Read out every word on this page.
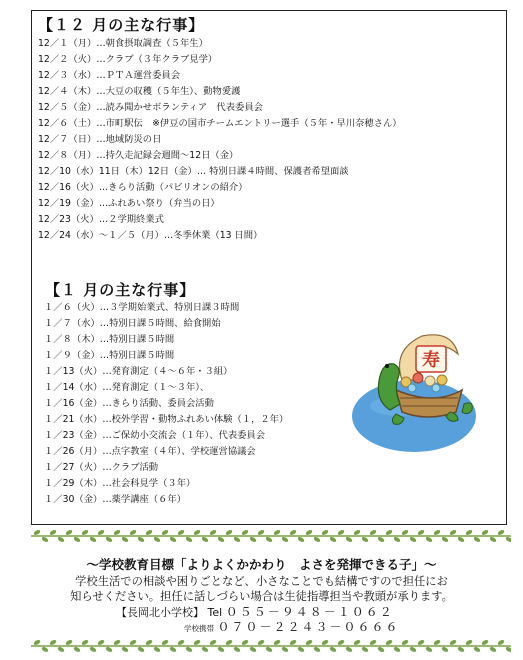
【１２ 月の主な行事】
12／１（月）…朝食摂取調査（５年生）
12／２（火）…クラブ（３年クラブ見学）
12／３（水）…ＰＴＡ運営委員会
12／４（木）…大豆の収穫（５年生）、動物愛護
12／５（金）…読み聞かせボランティア　代表委員会
12／６（土）…市町駅伝　※伊豆の国市チームエントリー選手（５年・早川奈穂さん）
12／７（日）…地域防災の日
12／８（月）…持久走記録会週間～12日（金）
12／10（水）11日（木）12日（金）… 特別日課４時間、保護者希望面談
12／16（火）…きらり活動（パビリオンの紹介）
12／19（金）…ふれあい祭り（弁当の日）
12／23（火）…２学期終業式
12／24（水）～１／５（月）…冬季休業（13 日間）
【１ 月の主な行事】
１／６（火）…３学期始業式、特別日課３時間
１／７（水）…特別日課５時間、給食開始
１／８（木）…特別日課５時間
１／９（金）…特別日課５時間
１／13（火）…発育測定（４～６年・３組）
１／14（水）…発育測定（１～３年）、
１／16（金）…きらり活動、委員会活動
１／21（水）…校外学習・動物ふれあい体験（１，２年）
１／23（金）…ご保幼小交流会（１年）、代表委員会
１／26（月）…点字教室（４年）、学校運営協議会
１／27（火）…クラブ活動
１／29（木）…社会科見学（３年）
１／30（金）…薬学講座（６年）
寿
～学校教育目標「よりよくかかわり　よさを発揮できる子」～
学校生活での相談や困りごとなど、小さなことでも結構ですので担任にお
知らせください。担任に話しづらい場合は生徒指導担当や教頭が承ります。
【長岡北小学校】 Tel ０５５－９４８－１０６２
学校携帯 ０７０－２２４３－０６６６
